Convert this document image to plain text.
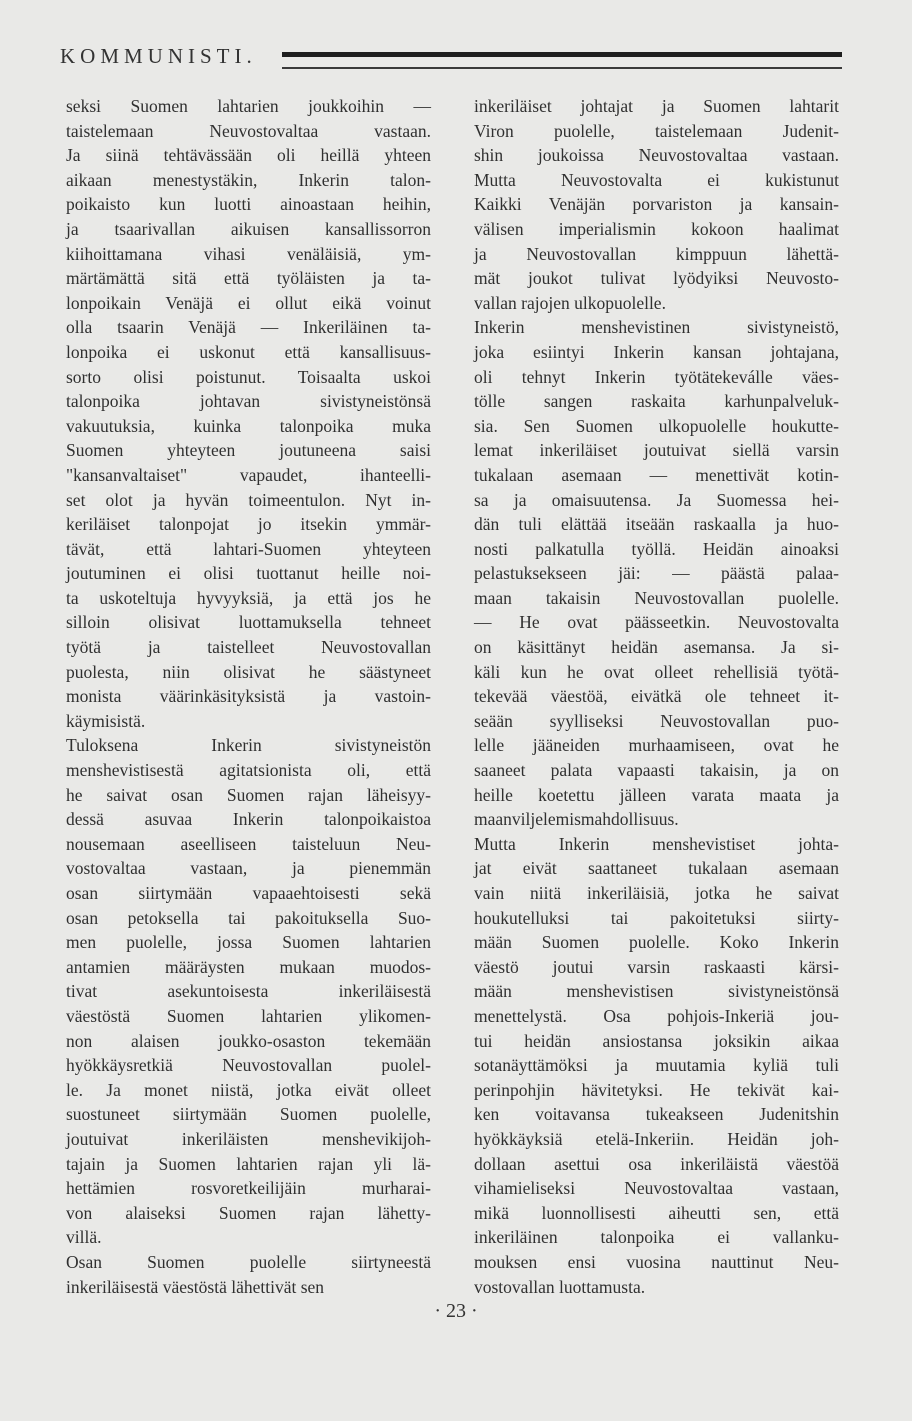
KOMMUNISTI.
seksi Suomen lahtarien joukkoihin —
taistelemaan Neuvostovaltaa vastaan.
Ja siinä tehtävässään oli heillä yhteen
aikaan menestystäkin, Inkerin talon-
poikaisto kun luotti ainoastaan heihin,
ja tsaarivallan aikuisen kansallissorron
kiihoittamana vihasi venäläisiä, ym-
märtämättä sitä että työläisten ja ta-
lonpoikain Venäjä ei ollut eikä voinut
olla tsaarin Venäjä — Inkeriläinen ta-
lonpoika ei uskonut että kansallisuus-
sorto olisi poistunut. Toisaalta uskoi
talonpoika johtavan sivistyneistönsä
vakuutuksia, kuinka talonpoika muka
Suomen yhteyteen joutuneena saisi
"kansanvaltaiset" vapaudet, ihanteelli-
set olot ja hyvän toimeentulon. Nyt in-
keriläiset talonpojat jo itsekin ymmär-
tävät, että lahtari-Suomen yhteyteen
joutuminen ei olisi tuottanut heille noi-
ta uskoteltuja hyvyyksiä, ja että jos he
silloin olisivat luottamuksella tehneet
työtä ja taistelleet Neuvostovallan
puolesta, niin olisivat he säästyneet
monista väärinkäsityksistä ja vastoin-
käymisistä.
Tuloksena Inkerin sivistyneistön
menshevistisestä agitatsionista oli, että
he saivat osan Suomen rajan läheisyy-
dessä asuvaa Inkerin talonpoikaistoa
nousemaan aseelliseen taisteluun Neu-
vostovaltaa vastaan, ja pienemmän
osan siirtymään vapaaehtoisesti sekä
osan petoksella tai pakoituksella Suo-
men puolelle, jossa Suomen lahtarien
antamien määräysten mukaan muodos-
tivat asekuntoisesta inkeriläisestä
väestöstä Suomen lahtarien ylikomen-
non alaisen joukko-osaston tekemään
hyökkäysretkiä Neuvostovallan puolel-
le. Ja monet niistä, jotka eivät olleet
suostuneet siirtymään Suomen puolelle,
joutuivat inkeriläisten menshevikijoh-
tajain ja Suomen lahtarien rajan yli lä-
hettämien rosvoretkeilijäin murharai-
von alaiseksi Suomen rajan lähetty-
villä.
Osan Suomen puolelle siirtyneestä
inkeriläisestä väestöstä lähettivät sen
inkeriläiset johtajat ja Suomen lahtarit
Viron puolelle, taistelemaan Judenit-
shin joukoissa Neuvostovaltaa vastaan.
Mutta Neuvostovalta ei kukistunut
Kaikki Venäjän porvariston ja kansain-
välisen imperialismin kokoon haalimat
ja Neuvostovallan kimppuun lähettä-
mät joukot tulivat lyödyiksi Neuvosto-
vallan rajojen ulkopuolelle.
Inkerin menshevistinen sivistyneistö,
joka esiintyi Inkerin kansan johtajana,
oli tehnyt Inkerin työtätekeválle väes-
tölle sangen raskaita karhunpalveluk-
sia. Sen Suomen ulkopuolelle houkutte-
lemat inkeriläiset joutuivat siellä varsin
tukalaan asemaan — menettivät kotin-
sa ja omaisuutensa. Ja Suomessa hei-
dän tuli elättää itseään raskaalla ja huo-
nosti palkatulla työllä. Heidän ainoaksi
pelastuksekseen jäi: — päästä palaa-
maan takaisin Neuvostovallan puolelle.
— He ovat päässeetkin. Neuvostovalta
on käsittänyt heidän asemansa. Ja si-
käli kun he ovat olleet rehellisiä työtä-
tekevää väestöä, eivätkä ole tehneet it-
seään syylliseksi Neuvostovallan puo-
lelle jääneiden murhaamiseen, ovat he
saaneet palata vapaasti takaisin, ja on
heille koetettu jälleen varata maata ja
maanviljelemismahdollisuus.
Mutta Inkerin menshevistiset johta-
jat eivät saattaneet tukalaan asemaan
vain niitä inkeriläisiä, jotka he saivat
houkutelluksi tai pakoitetuksi siirty-
mään Suomen puolelle. Koko Inkerin
väestö joutui varsin raskaasti kärsi-
mään menshevistisen sivistyneistönsä
menettelystä. Osa pohjois-Inkeriä jou-
tui heidän ansiostansa joksikin aikaa
sotanäyttämöksi ja muutamia kyliä tuli
perinpohjin hävitetyksi. He tekivät kai-
ken voitavansa tukeakseen Judenitshin
hyökkäyksiä etelä-Inkeriin. Heidän joh-
dollaan asettui osa inkeriläistä väestöä
vihamieliseksi Neuvostovaltaa vastaan,
mikä luonnollisesti aiheutti sen, että
inkeriläinen talonpoika ei vallanku-
mouksen ensi vuosina nauttinut Neu-
vostovallan luottamusta.
· 23 ·
